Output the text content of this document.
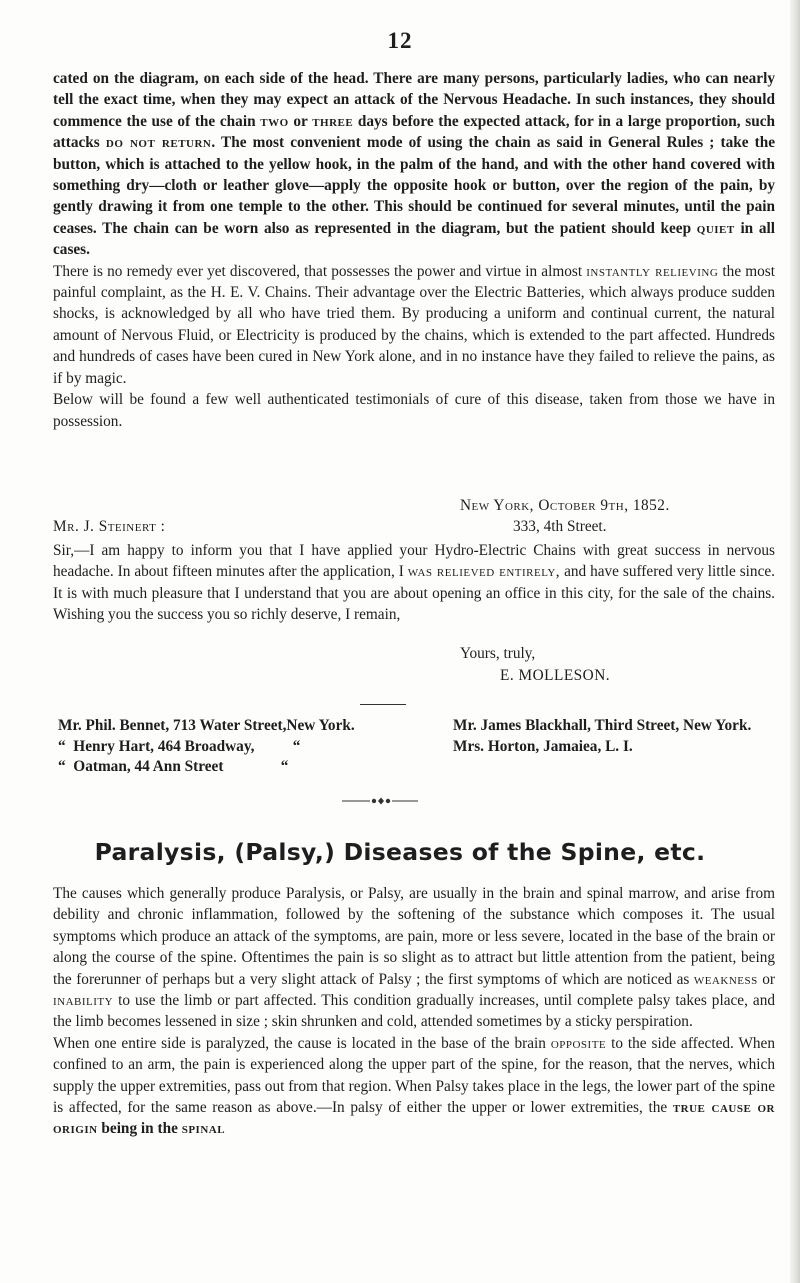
12

cated on the diagram, on each side of the head. There are many persons, particularly ladies, who can nearly tell the exact time, when they may expect an attack of the Nervous Headache. In such instances, they should commence the use of the chain two or three days before the expected attack, for in a large proportion, such attacks do not return. The most convenient mode of using the chain as said in General Rules ; take the button, which is attached to the yellow hook, in the palm of the hand, and with the other hand covered with something dry—cloth or leather glove—apply the opposite hook or button, over the region of the pain, by gently drawing it from one temple to the other. This should be continued for several minutes, until the pain ceases. The chain can be worn also as represented in the diagram, but the patient should keep quiet in all cases.

There is no remedy ever yet discovered, that possesses the power and virtue in almost instantly relieving the most painful complaint, as the H. E. V. Chains. Their advantage over the Electric Batteries, which always produce sudden shocks, is acknowledged by all who have tried them. By producing a uniform and continual current, the natural amount of Nervous Fluid, or Electricity is produced by the chains, which is extended to the part affected. Hundreds and hundreds of cases have been cured in New York alone, and in no instance have they failed to relieve the pains, as if by magic.

Below will be found a few well authenticated testimonials of cure of this disease, taken from those we have in possession.

New York, October 9th, 1852.
Mr. J. Steinert :	333, 4th Street.

Sir,—I am happy to inform you that I have applied your Hydro-Electric Chains with great success in nervous headache. In about fifteen minutes after the application, I was relieved entirely, and have suffered very little since. It is with much pleasure that I understand that you are about opening an office in this city, for the sale of the chains. Wishing you the success you so richly deserve, I remain,

Yours, truly,
E. MOLLESON.
Mr. Phil. Bennet, 713 Water Street,New York.
“  Henry Hart, 464 Broadway,          “
“  Oatman, 44 Ann Street               “
Mr. James Blackhall, Third Street, New York.
Mrs. Horton, Jamaiea, L. I.
Paralysis, (Palsy,) Diseases of the Spine, etc.

The causes which generally produce Paralysis, or Palsy, are usually in the brain and spinal marrow, and arise from debility and chronic inflammation, followed by the softening of the substance which composes it. The usual symptoms which produce an attack of the symptoms, are pain, more or less severe, located in the base of the brain or along the course of the spine. Oftentimes the pain is so slight as to attract but little attention from the patient, being the forerunner of perhaps but a very slight attack of Palsy ; the first symptoms of which are noticed as weakness or inability to use the limb or part affected. This condition gradually increases, until complete palsy takes place, and the limb becomes lessened in size ; skin shrunken and cold, attended sometimes by a sticky perspiration.

When one entire side is paralyzed, the cause is located in the base of the brain opposite to the side affected. When confined to an arm, the pain is experienced along the upper part of the spine, for the reason, that the nerves, which supply the upper extremities, pass out from that region. When Palsy takes place in the legs, the lower part of the spine is affected, for the same reason as above.—In palsy of either the upper or lower extremities, the true cause or origin being in the spinal
